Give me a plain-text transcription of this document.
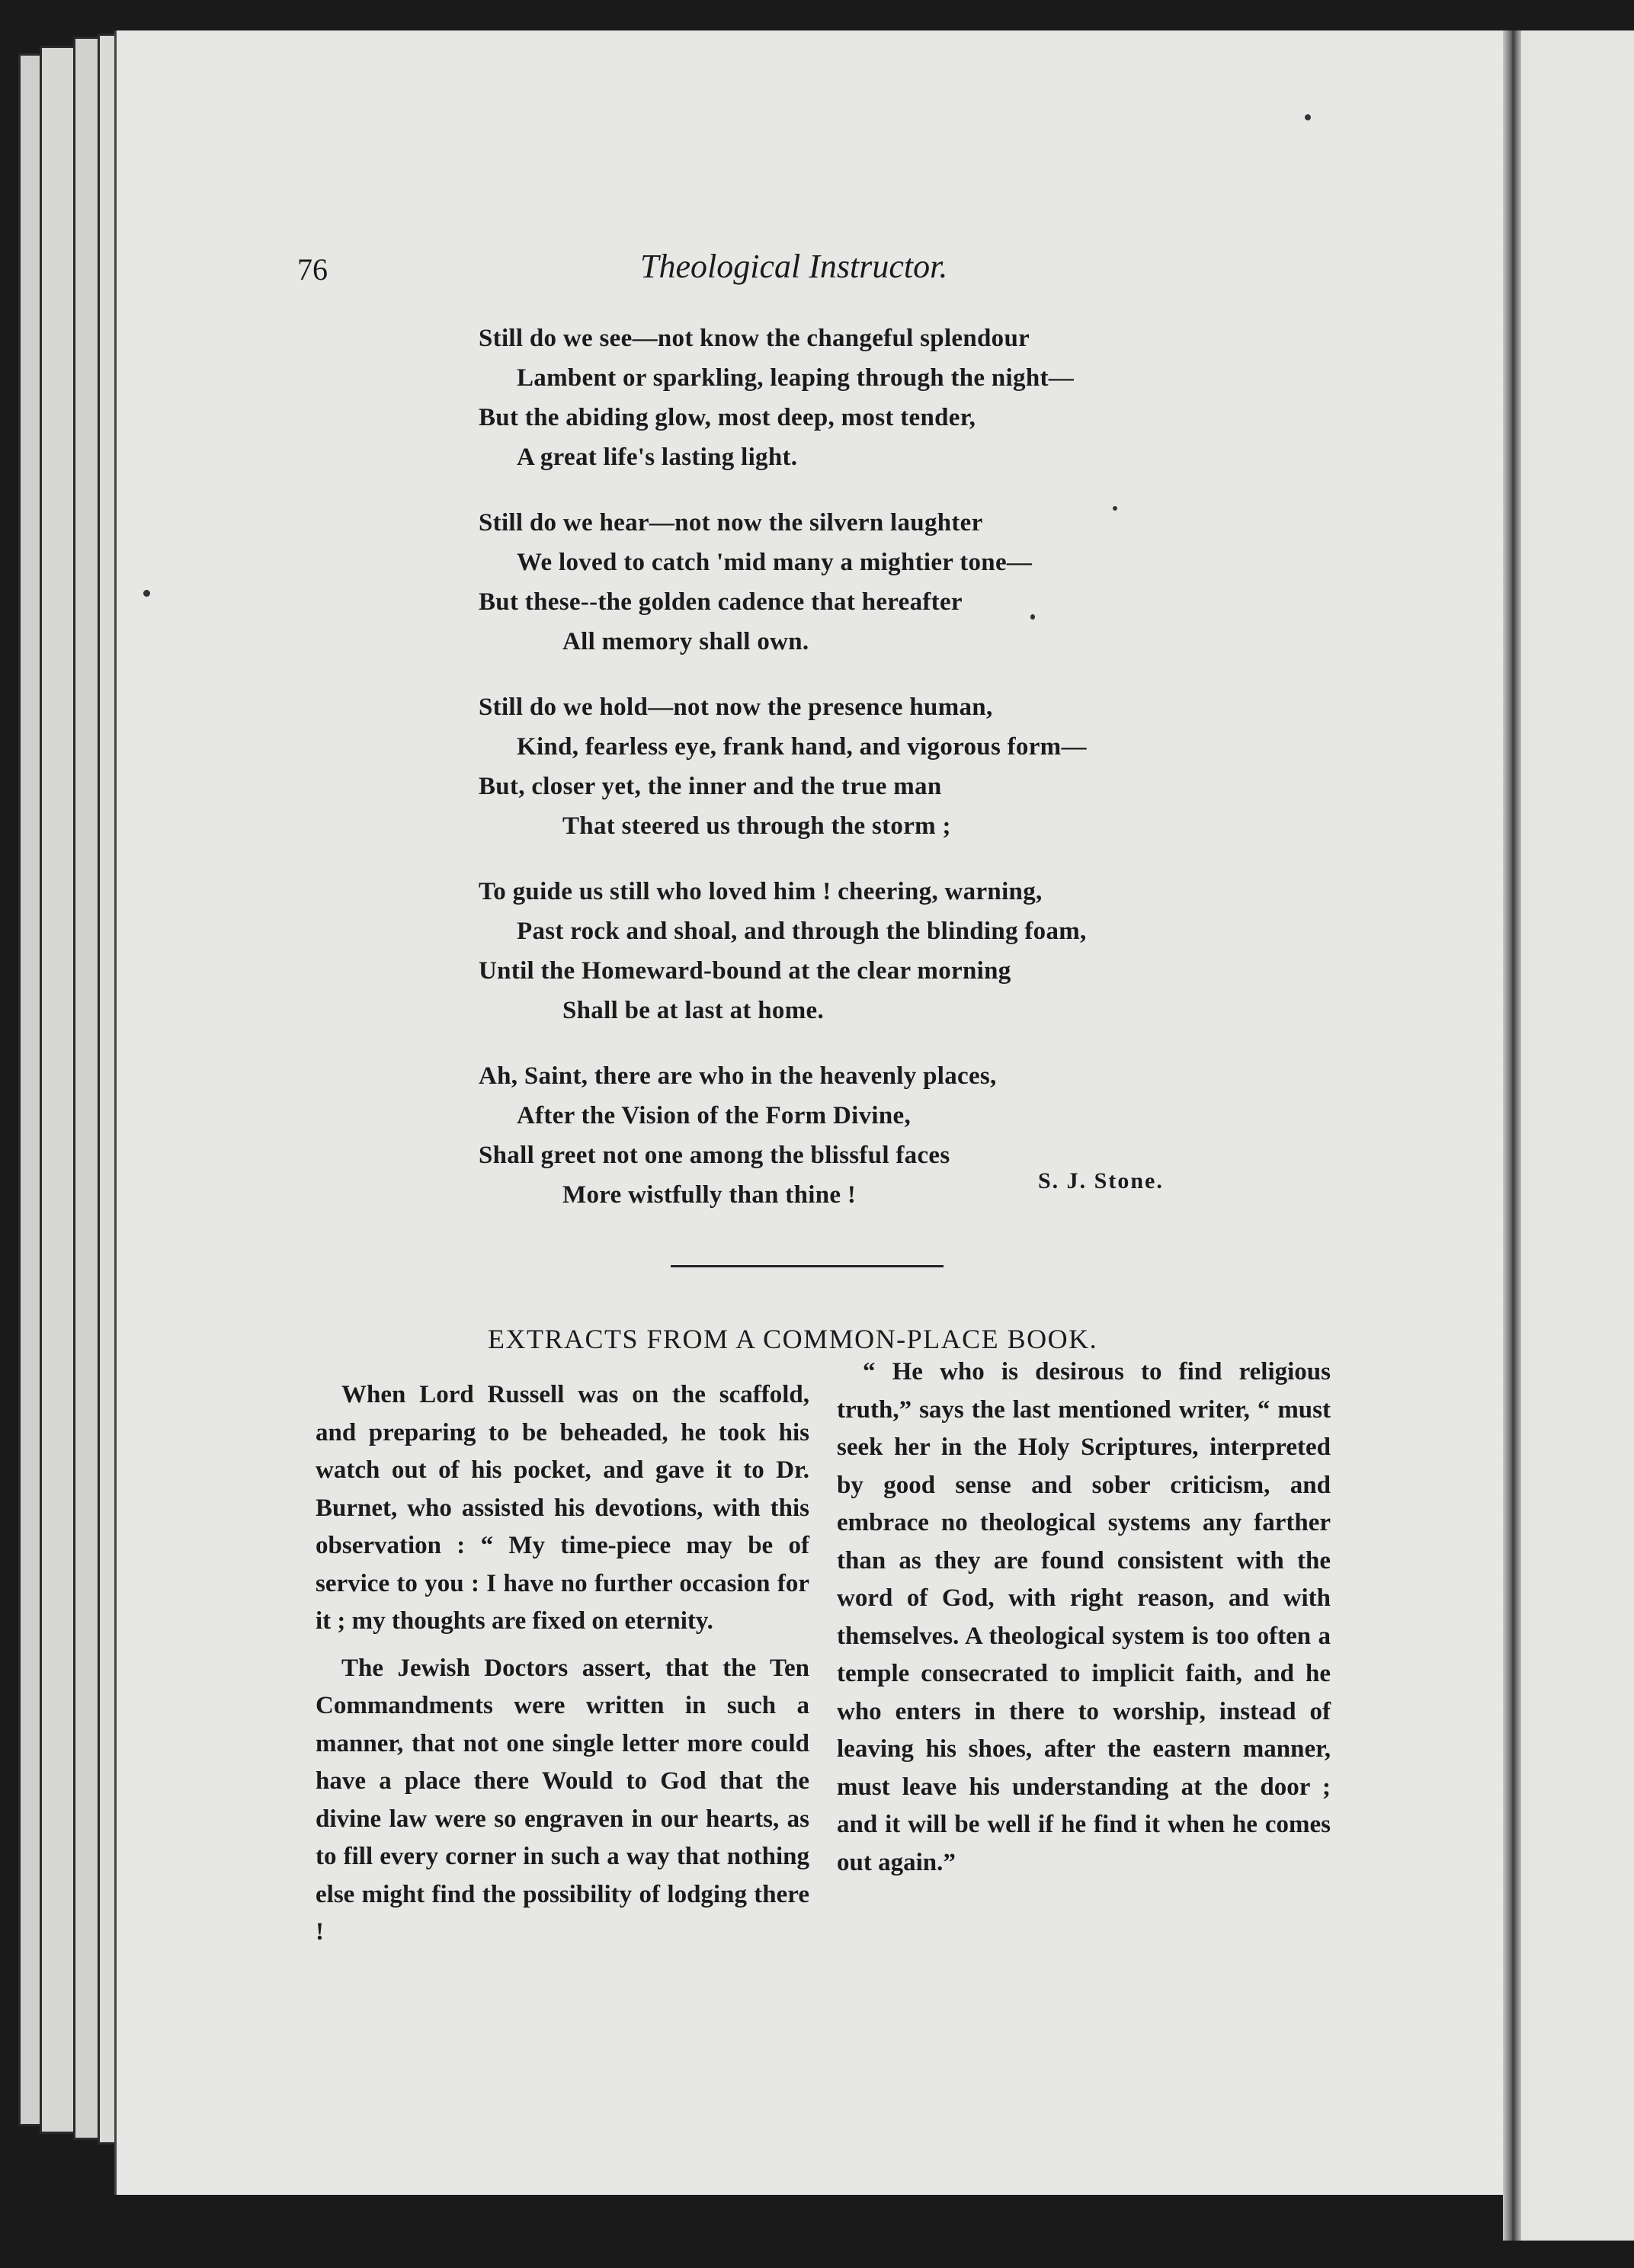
76	Theological Instructor.
Still do we see—not know the changeful splendour
Lambent or sparkling, leaping through the night—
But the abiding glow, most deep, most tender,
A great life's lasting light.
Still do we hear—not now the silvern laughter
We loved to catch 'mid many a mightier tone—
But these--the golden cadence that hereafter
All memory shall own.
Still do we hold—not now the presence human,
Kind, fearless eye, frank hand, and vigorous form—
But, closer yet, the inner and the true man
That steered us through the storm ;
To guide us still who loved him ! cheering, warning,
Past rock and shoal, and through the blinding foam,
Until the Homeward-bound at the clear morning
Shall be at last at home.
Ah, Saint, there are who in the heavenly places,
After the Vision of the Form Divine,
Shall greet not one among the blissful faces
More wistfully than thine !
S. J. Stone.
EXTRACTS FROM A COMMON-PLACE BOOK.

When Lord Russell was on the scaffold, and preparing to be beheaded, he took his watch out of his pocket, and gave it to Dr. Burnet, who assisted his devotions, with this observation : “ My time-piece may be of service to you : I have no further occasion for it ; my thoughts are fixed on eternity.

The Jewish Doctors assert, that the Ten Commandments were written in such a manner, that not one single letter more could have a place there Would to God that the divine law were so engraven in our hearts, as to fill every corner in such a way that nothing else might find the possibility of lodging there !

“ He who is desirous to find religious truth,” says the last mentioned writer, “ must seek her in the Holy Scriptures, interpreted by good sense and sober criticism, and embrace no theological systems any farther than as they are found consistent with the word of God, with right reason, and with themselves. A theological system is too often a temple consecrated to implicit faith, and he who enters in there to worship, instead of leaving his shoes, after the eastern manner, must leave his understanding at the door ; and it will be well if he find it when he comes out again.”
